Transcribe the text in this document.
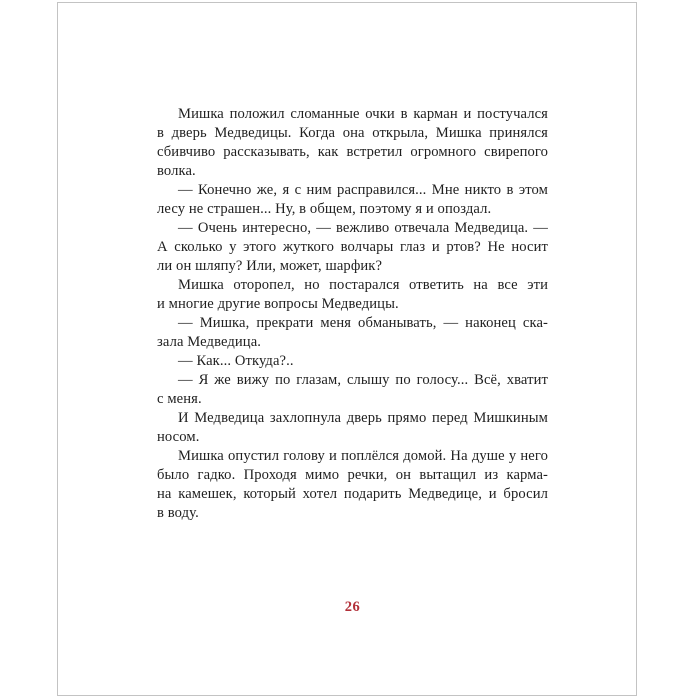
Мишка положил сломанные очки в карман и постучался
в дверь Медведицы. Когда она открыла, Мишка принялся
сбивчиво рассказывать, как встретил огромного свирепого
волка.
— Конечно же, я с ним расправился... Мне никто в этом
лесу не страшен... Ну, в общем, поэтому я и опоздал.
— Очень интересно, — вежливо отвечала Медведица. —
А сколько у этого жуткого волчары глаз и ртов? Не носит
ли он шляпу? Или, может, шарфик?
Мишка оторопел, но постарался ответить на все эти
и многие другие вопросы Медведицы.
— Мишка, прекрати меня обманывать, — наконец ска-
зала Медведица.
— Как... Откуда?..
— Я же вижу по глазам, слышу по голосу... Всё, хватит
с меня.
И Медведица захлопнула дверь прямо перед Мишкиным
носом.
Мишка опустил голову и поплёлся домой. На душе у него
было гадко. Проходя мимо речки, он вытащил из карма-
на камешек, который хотел подарить Медведице, и бросил
в воду.
26
